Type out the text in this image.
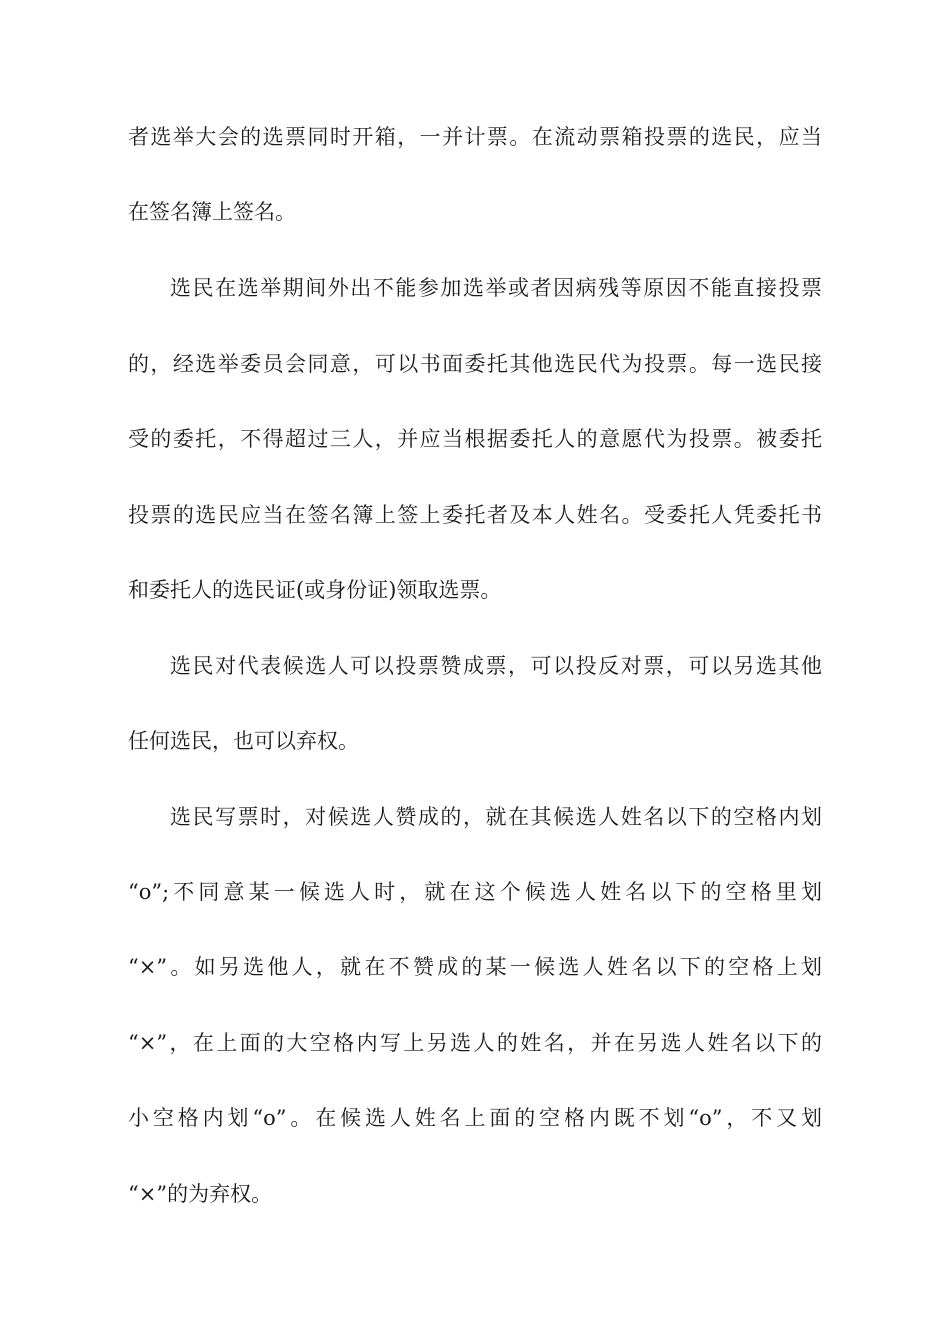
者选举大会的选票同时开箱，一并计票。在流动票箱投票的选民，应当
在签名簿上签名。
选民在选举期间外出不能参加选举或者因病残等原因不能直接投票
的，经选举委员会同意，可以书面委托其他选民代为投票。每一选民接
受的委托，不得超过三人，并应当根据委托人的意愿代为投票。被委托
投票的选民应当在签名簿上签上委托者及本人姓名。受委托人凭委托书
和委托人的选民证(或身份证)领取选票。
选民对代表候选人可以投票赞成票，可以投反对票，可以另选其他
任何选民，也可以弃权。
选民写票时，对候选人赞成的，就在其候选人姓名以下的空格内划
“o”;不同意某一候选人时，就在这个候选人姓名以下的空格里划
“×”。如另选他人，就在不赞成的某一候选人姓名以下的空格上划
“×”，在上面的大空格内写上另选人的姓名，并在另选人姓名以下的
小空格内划“o”。在候选人姓名上面的空格内既不划“o”，不又划
“×”的为弃权。
